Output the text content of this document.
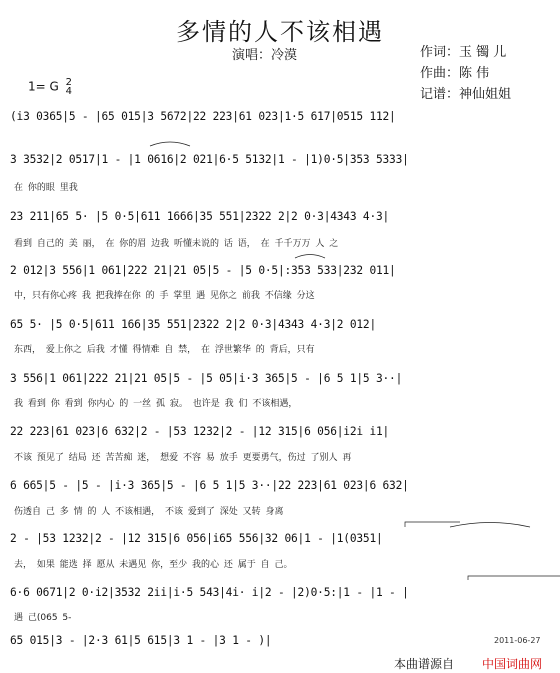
多情的人不该相遇
演唱：冷漠	作词：玉 镯 儿
作曲：陈 伟
记谱：神仙姐姐
1= G 2
4
(i3 0365|5 - |65 015|3 5672|22 223|61 023|1·5 617|0515 112|
3 3532|2 0517|1 - |1 0616|2 021|6·5 5132|1 - |1)0·5|353 5333|
在 你的眼 里我
23 211|65 5· |5 0·5|611 1666|35 551|2322 2|2 0·3|4343 4·3|
看到 自己的 美 丽， 在 你的眉 边我 听懂未说的 话 语， 在 千千万万 人 之
2 012|3 556|1 061|222 21|21 05|5 - |5 0·5|:353 533|232 011|
中，只有你心疼 我 把我捧在你 的 手 掌里 遇 见你之 前我 不信缘 分这
65 5· |5 0·5|611 166|35 551|2322 2|2 0·3|4343 4·3|2 012|
东西， 爱上你之 后我 才懂 得情难 自 禁， 在 浮世繁华 的 背后，只有
3 556|1 061|222 21|21 05|5 - |5 05|i·3 365|5 - |6 5 1|5 3··|
我 看到 你 看到 你内心 的 一丝 孤 寂。 也许是 我 们 不该相遇，
22 223|61 023|6 632|2 - |53 1232|2 - |12 315|6 056|i2i i1|
不该 预见了 结局 还 苦苦痴 迷， 想爱 不容 易 放手 更要勇气，伤过 了别人 再
6 665|5 - |5 - |i·3 365|5 - |6 5 1|5 3··|22 223|61 023|6 632|
伤透自 己 多 情 的 人 不该相遇， 不该 爱到了 深处 又转 身离
2 - |53 1232|2 - |12 315|6 056|i65 556|32 06|1 - |1(0351|
去， 如果 能选 择 愿从 未遇见 你，至少 我的心 还 属于 自 己。
6·6 0671|2 0·i2|3532 2ii|i·5 543|4i· i|2 - |2)0·5:|1 - |1 - |
遇 己(065 5-
65 015|3 - |2·3 61|5 615|3 1 - |3 1 - )|	2011-06-27
本曲谱源自 中国词曲网
